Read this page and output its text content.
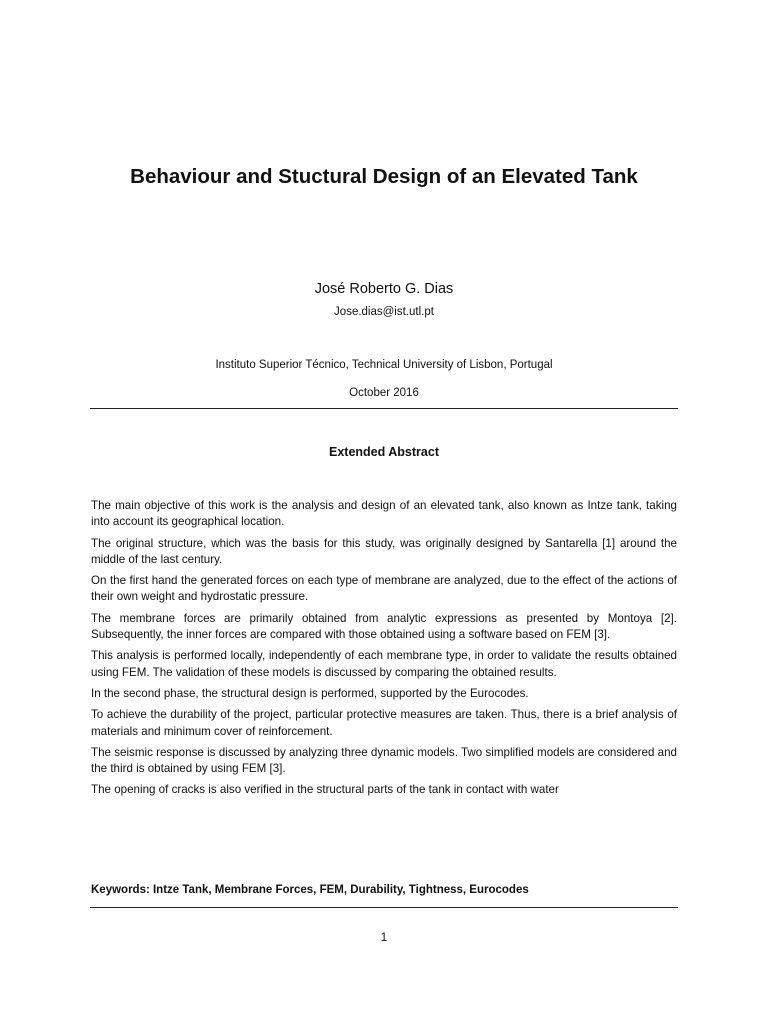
Behaviour and Stuctural Design of an Elevated Tank
José Roberto G. Dias
Jose.dias@ist.utl.pt
Instituto Superior Técnico, Technical University of Lisbon, Portugal
October 2016
Extended Abstract

The main objective of this work is the analysis and design of an elevated tank, also known as Intze tank, taking into account its geographical location.

The original structure, which was the basis for this study, was originally designed by Santarella [1] around the middle of the last century.

On the first hand the generated forces on each type of membrane are analyzed, due to the effect of the actions of their own weight and hydrostatic pressure.

The membrane forces are primarily obtained from analytic expressions as presented by Montoya [2]. Subsequently, the inner forces are compared with those obtained using a software based on FEM [3].

This analysis is performed locally, independently of each membrane type, in order to validate the results obtained using FEM. The validation of these models is discussed by comparing the obtained results.

In the second phase, the structural design is performed, supported by the Eurocodes.

To achieve the durability of the project, particular protective measures are taken. Thus, there is a brief analysis of materials and minimum cover of reinforcement.

The seismic response is discussed by analyzing three dynamic models. Two simplified models are considered and the third is obtained by using FEM [3].

The opening of cracks is also verified in the structural parts of the tank in contact with water

Keywords: Intze Tank, Membrane Forces, FEM, Durability, Tightness, Eurocodes
1
